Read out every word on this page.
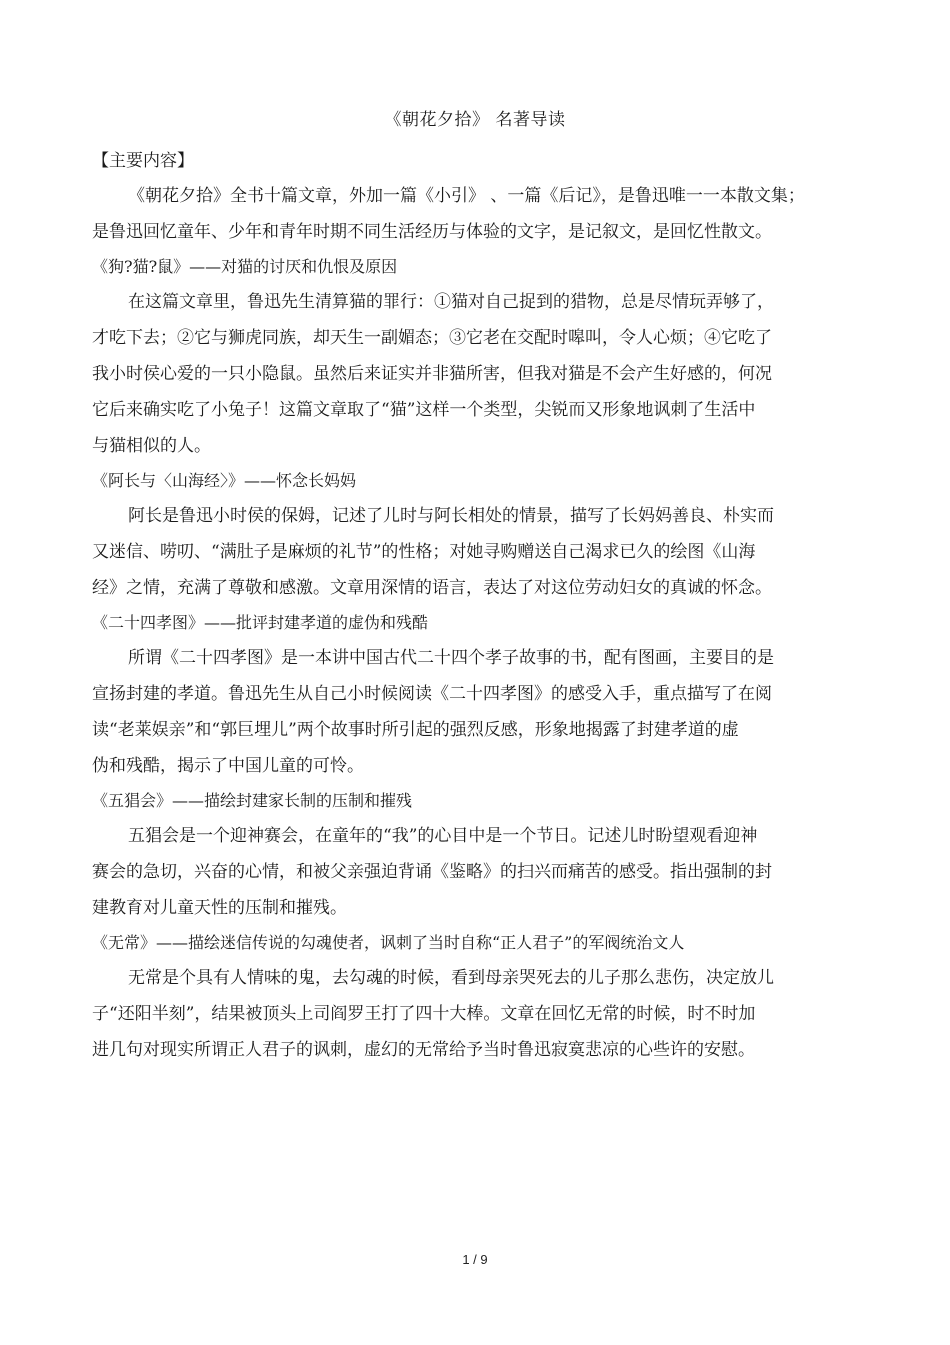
《朝花夕拾》 名著导读
【主要内容】
《朝花夕拾》全书十篇文章，外加一篇《小引》 、一篇《后记》，是鲁迅唯一一本散文集；
是鲁迅回忆童年、少年和青年时期不同生活经历与体验的文字，是记叙文，是回忆性散文。
《狗?猫?鼠》——对猫的讨厌和仇恨及原因
在这篇文章里，鲁迅先生清算猫的罪行：①猫对自己捉到的猎物，总是尽情玩弄够了，
才吃下去；②它与狮虎同族，却天生一副媚态；③它老在交配时嗥叫，令人心烦；④它吃了
我小时侯心爱的一只小隐鼠。虽然后来证实并非猫所害，但我对猫是不会产生好感的，何况
它后来确实吃了小兔子！这篇文章取了“猫”这样一个类型，尖锐而又形象地讽刺了生活中
与猫相似的人。
《阿长与〈山海经〉》——怀念长妈妈
阿长是鲁迅小时侯的保姆，记述了儿时与阿长相处的情景，描写了长妈妈善良、朴实而
又迷信、唠叨、“满肚子是麻烦的礼节”的性格；对她寻购赠送自己渴求已久的绘图《山海
经》之情，充满了尊敬和感激。文章用深情的语言，表达了对这位劳动妇女的真诚的怀念。
《二十四孝图》——批评封建孝道的虚伪和残酷
所谓《二十四孝图》是一本讲中国古代二十四个孝子故事的书，配有图画，主要目的是
宣扬封建的孝道。鲁迅先生从自己小时候阅读《二十四孝图》的感受入手，重点描写了在阅
读“老莱娱亲”和“郭巨埋儿”两个故事时所引起的强烈反感，形象地揭露了封建孝道的虚
伪和残酷，揭示了中国儿童的可怜。
《五猖会》——描绘封建家长制的压制和摧残
五猖会是一个迎神赛会，在童年的“我”的心目中是一个节日。记述儿时盼望观看迎神
赛会的急切，兴奋的心情，和被父亲强迫背诵《鉴略》的扫兴而痛苦的感受。指出强制的封
建教育对儿童天性的压制和摧残。
《无常》——描绘迷信传说的勾魂使者，讽刺了当时自称“正人君子”的军阀统治文人
无常是个具有人情味的鬼，去勾魂的时候，看到母亲哭死去的儿子那么悲伤，决定放儿
子“还阳半刻”，结果被顶头上司阎罗王打了四十大棒。文章在回忆无常的时候，时不时加
进几句对现实所谓正人君子的讽刺，虚幻的无常给予当时鲁迅寂寞悲凉的心些许的安慰。
1 / 9
